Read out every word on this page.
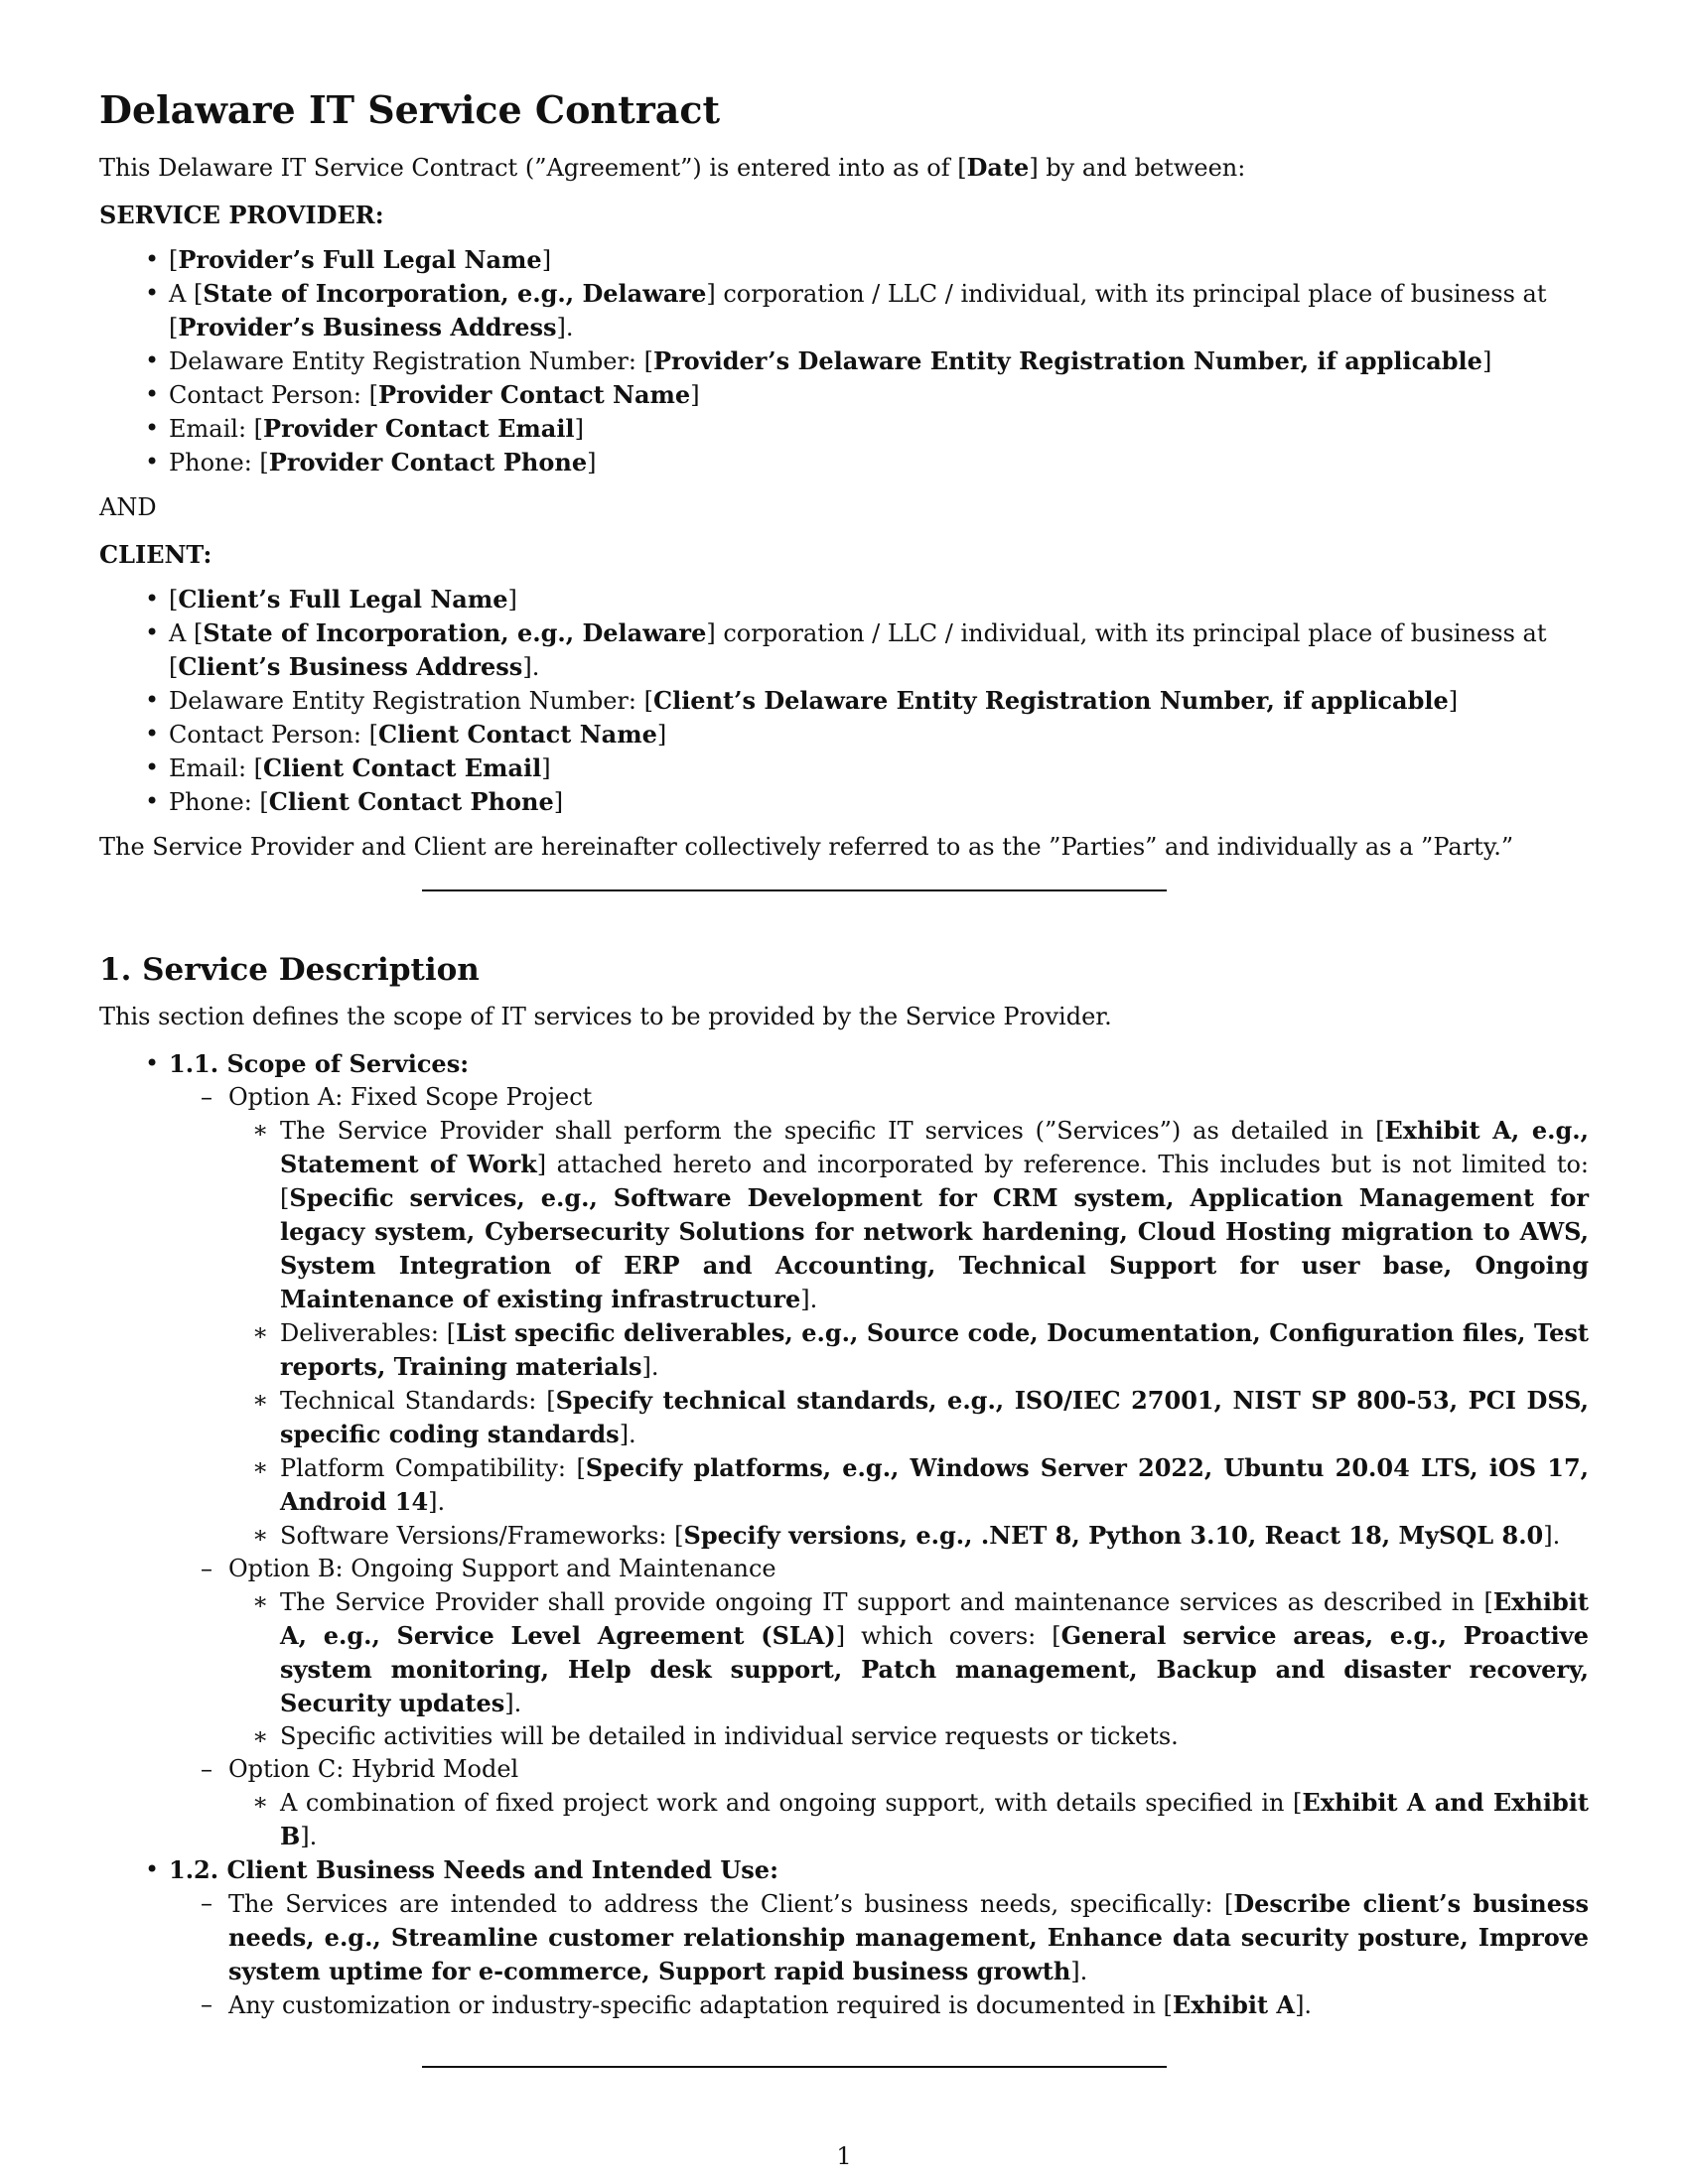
Delaware IT Service Contract

This Delaware IT Service Contract (”Agreement”) is entered into as of [Date] by and between:

SERVICE PROVIDER:

• [Provider’s Full Legal Name]
• A [State of Incorporation, e.g., Delaware] corporation / LLC / individual, with its principal place of business at [Provider’s Business Address].
• Delaware Entity Registration Number: [Provider’s Delaware Entity Registration Number, if applicable]
• Contact Person: [Provider Contact Name]
• Email: [Provider Contact Email]
• Phone: [Provider Contact Phone]

AND

CLIENT:

• [Client’s Full Legal Name]
• A [State of Incorporation, e.g., Delaware] corporation / LLC / individual, with its principal place of business at [Client’s Business Address].
• Delaware Entity Registration Number: [Client’s Delaware Entity Registration Number, if applicable]
• Contact Person: [Client Contact Name]
• Email: [Client Contact Email]
• Phone: [Client Contact Phone]

The Service Provider and Client are hereinafter collectively referred to as the ”Parties” and individually as a ”Party.”

1. Service Description

This section defines the scope of IT services to be provided by the Service Provider.

• 1.1. Scope of Services:
– Option A: Fixed Scope Project
∗ The Service Provider shall perform the specific IT services (”Services”) as detailed in [Exhibit A, e.g., Statement of Work] attached hereto and incorporated by reference. This includes but is not limited to: [Specific services, e.g., Software Development for CRM system, Application Management for legacy system, Cybersecurity Solutions for network hardening, Cloud Hosting migration to AWS, System Integration of ERP and Accounting, Technical Support for user base, Ongoing Maintenance of existing infrastructure].
∗ Deliverables: [List specific deliverables, e.g., Source code, Documentation, Configuration files, Test reports, Training materials].
∗ Technical Standards: [Specify technical standards, e.g., ISO/IEC 27001, NIST SP 800-53, PCI DSS, specific coding standards].
∗ Platform Compatibility: [Specify platforms, e.g., Windows Server 2022, Ubuntu 20.04 LTS, iOS 17, Android 14].
∗ Software Versions/Frameworks: [Specify versions, e.g., .NET 8, Python 3.10, React 18, MySQL 8.0].
– Option B: Ongoing Support and Maintenance
∗ The Service Provider shall provide ongoing IT support and maintenance services as described in [Exhibit A, e.g., Service Level Agreement (SLA)] which covers: [General service areas, e.g., Proactive system monitoring, Help desk support, Patch management, Backup and disaster recovery, Security updates].
∗ Specific activities will be detailed in individual service requests or tickets.
– Option C: Hybrid Model
∗ A combination of fixed project work and ongoing support, with details specified in [Exhibit A and Exhibit B].
• 1.2. Client Business Needs and Intended Use:
– The Services are intended to address the Client’s business needs, specifically: [Describe client’s business needs, e.g., Streamline customer relationship management, Enhance data security posture, Improve system uptime for e-commerce, Support rapid business growth].
– Any customization or industry-specific adaptation required is documented in [Exhibit A].
1
